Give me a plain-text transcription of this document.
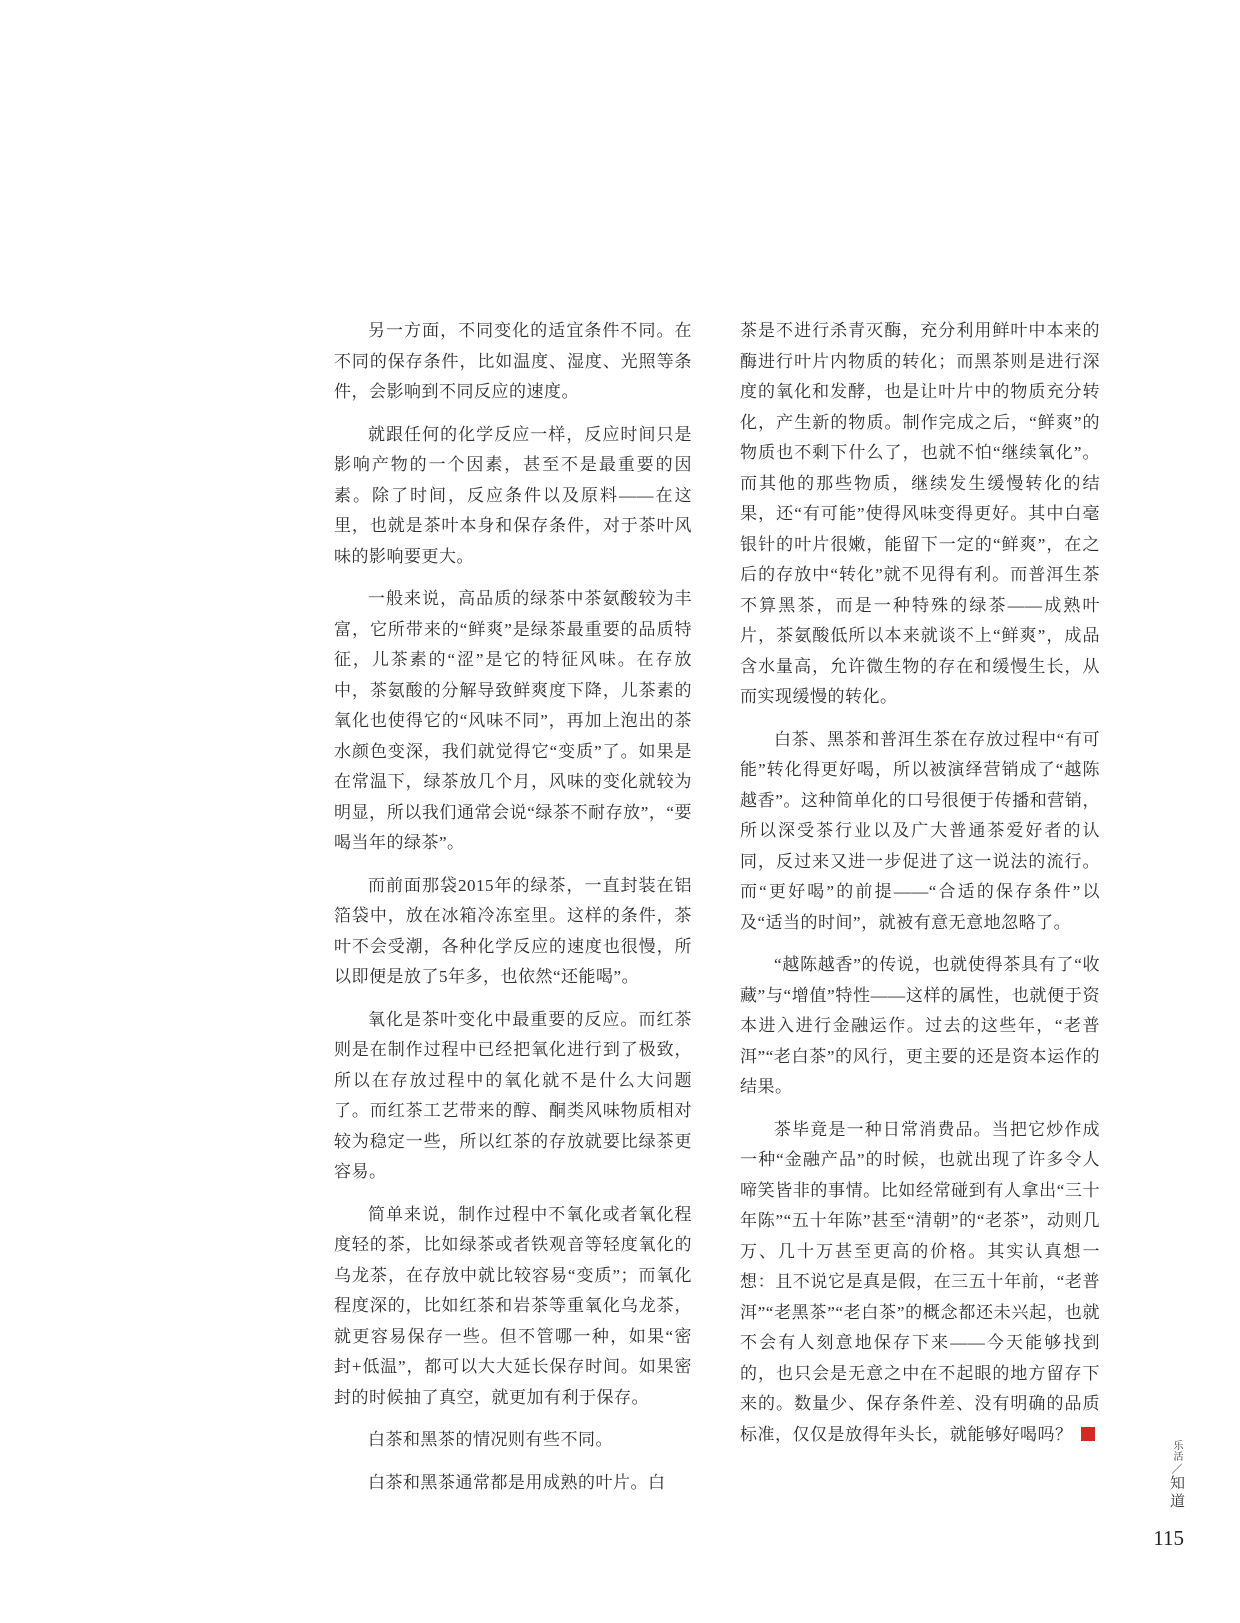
另一方面，不同变化的适宜条件不同。在不同的保存条件，比如温度、湿度、光照等条件，会影响到不同反应的速度。

就跟任何的化学反应一样，反应时间只是影响产物的一个因素，甚至不是最重要的因素。除了时间，反应条件以及原料——在这里，也就是茶叶本身和保存条件，对于茶叶风味的影响要更大。

一般来说，高品质的绿茶中茶氨酸较为丰富，它所带来的“鲜爽”是绿茶最重要的品质特征，儿茶素的“涩”是它的特征风味。在存放中，茶氨酸的分解导致鲜爽度下降，儿茶素的氧化也使得它的“风味不同”，再加上泡出的茶水颜色变深，我们就觉得它“变质”了。如果是在常温下，绿茶放几个月，风味的变化就较为明显，所以我们通常会说“绿茶不耐存放”，“要喝当年的绿茶”。

而前面那袋2015年的绿茶，一直封装在铝箔袋中，放在冰箱冷冻室里。这样的条件，茶叶不会受潮，各种化学反应的速度也很慢，所以即便是放了5年多，也依然“还能喝”。

氧化是茶叶变化中最重要的反应。而红茶则是在制作过程中已经把氧化进行到了极致，所以在存放过程中的氧化就不是什么大问题了。而红茶工艺带来的醇、酮类风味物质相对较为稳定一些，所以红茶的存放就要比绿茶更容易。

简单来说，制作过程中不氧化或者氧化程度轻的茶，比如绿茶或者铁观音等轻度氧化的乌龙茶，在存放中就比较容易“变质”；而氧化程度深的，比如红茶和岩茶等重氧化乌龙茶，就更容易保存一些。但不管哪一种，如果“密封+低温”，都可以大大延长保存时间。如果密封的时候抽了真空，就更加有利于保存。

白茶和黑茶的情况则有些不同。

白茶和黑茶通常都是用成熟的叶片。白

茶是不进行杀青灭酶，充分利用鲜叶中本来的酶进行叶片内物质的转化；而黑茶则是进行深度的氧化和发酵，也是让叶片中的物质充分转化，产生新的物质。制作完成之后，“鲜爽”的物质也不剩下什么了，也就不怕“继续氧化”。而其他的那些物质，继续发生缓慢转化的结果，还“有可能”使得风味变得更好。其中白毫银针的叶片很嫩，能留下一定的“鲜爽”，在之后的存放中“转化”就不见得有利。而普洱生茶不算黑茶，而是一种特殊的绿茶——成熟叶片，茶氨酸低所以本来就谈不上“鲜爽”，成品含水量高，允许微生物的存在和缓慢生长，从而实现缓慢的转化。

白茶、黑茶和普洱生茶在存放过程中“有可能”转化得更好喝，所以被演绎营销成了“越陈越香”。这种简单化的口号很便于传播和营销，所以深受茶行业以及广大普通茶爱好者的认同，反过来又进一步促进了这一说法的流行。而“更好喝”的前提——“合适的保存条件”以及“适当的时间”，就被有意无意地忽略了。

“越陈越香”的传说，也就使得茶具有了“收藏”与“增值”特性——这样的属性，也就便于资本进入进行金融运作。过去的这些年，“老普洱”“老白茶”的风行，更主要的还是资本运作的结果。

茶毕竟是一种日常消费品。当把它炒作成一种“金融产品”的时候，也就出现了许多令人啼笑皆非的事情。比如经常碰到有人拿出“三十年陈”“五十年陈”甚至“清朝”的“老茶”，动则几万、几十万甚至更高的价格。其实认真想一想：且不说它是真是假，在三五十年前，“老普洱”“老黑茶”“老白茶”的概念都还未兴起，也就不会有人刻意地保存下来——今天能够找到的，也只会是无意之中在不起眼的地方留存下来的。数量少、保存条件差、没有明确的品质标准，仅仅是放得年头长，就能够好喝吗？

乐活／知道
115
